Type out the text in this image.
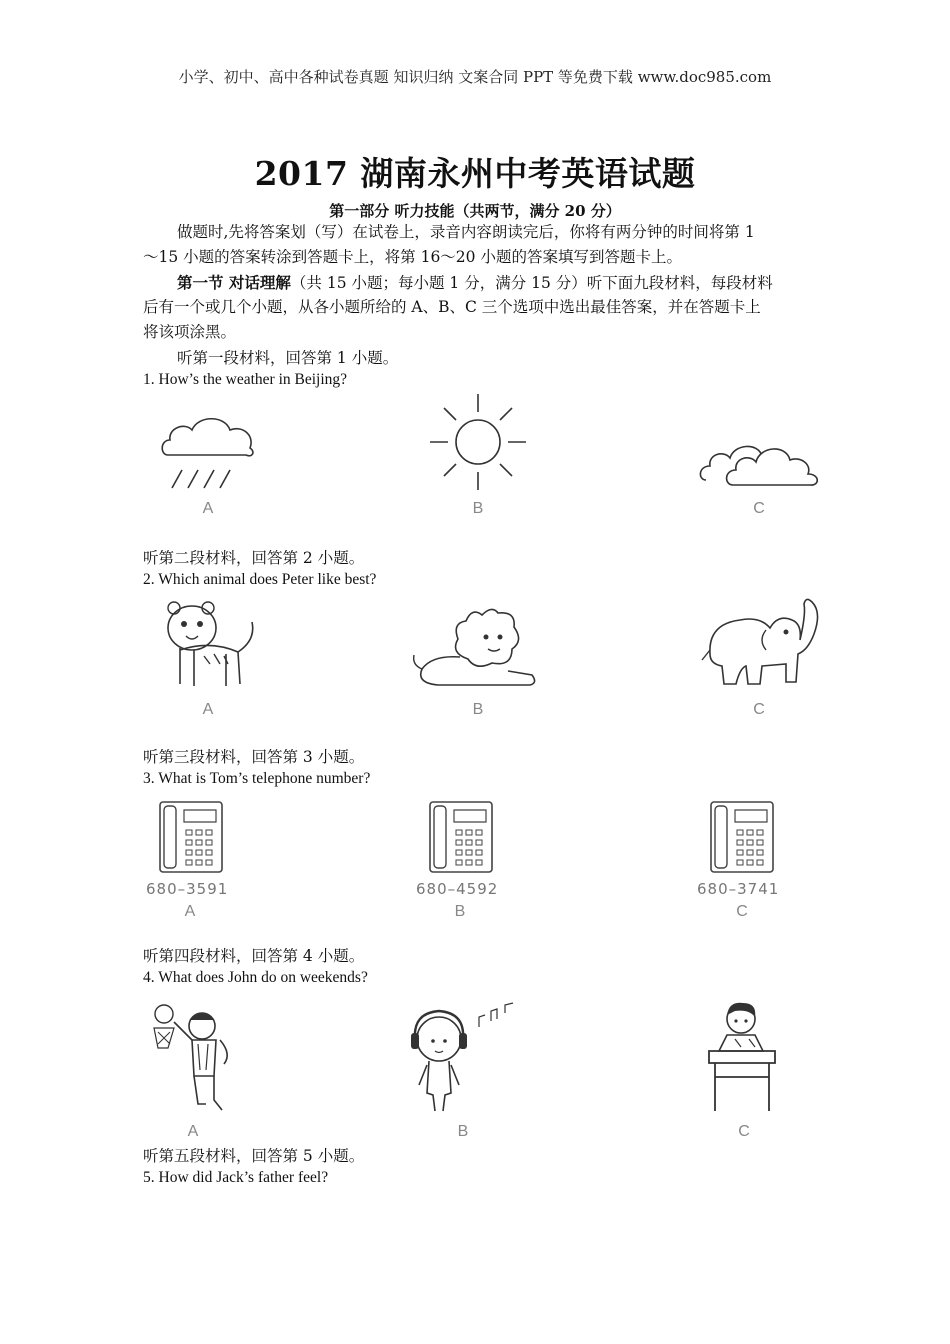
小学、初中、高中各种试卷真题 知识归纳 文案合同 PPT 等免费下载 www.doc985.com
2017 湖南永州中考英语试题
第一部分 听力技能（共两节，满分 20 分）
做题时,先将答案划（写）在试卷上，录音内容朗读完后，你将有两分钟的时间将第 1
～15 小题的答案转涂到答题卡上，将第 16～20 小题的答案填写到答题卡上。
第一节 对话理解（共 15 小题；每小题 1 分，满分 15 分）听下面九段材料，每段材料
后有一个或几个小题，从各小题所给的 A、B、C 三个选项中选出最佳答案，并在答题卡上
将该项涂黑。
听第一段材料，回答第 1 小题。
1. How’s the weather in Beijing?
A	B	C
听第二段材料，回答第 2 小题。
2. Which animal does Peter like best?
A	B	C
听第三段材料，回答第 3 小题。
3. What is Tom’s telephone number?
680–3591
A
680–4592
B
680–3741
C
听第四段材料，回答第 4 小题。
4. What does John do on weekends?
A	B	C
听第五段材料，回答第 5 小题。
5. How did Jack’s father feel?
